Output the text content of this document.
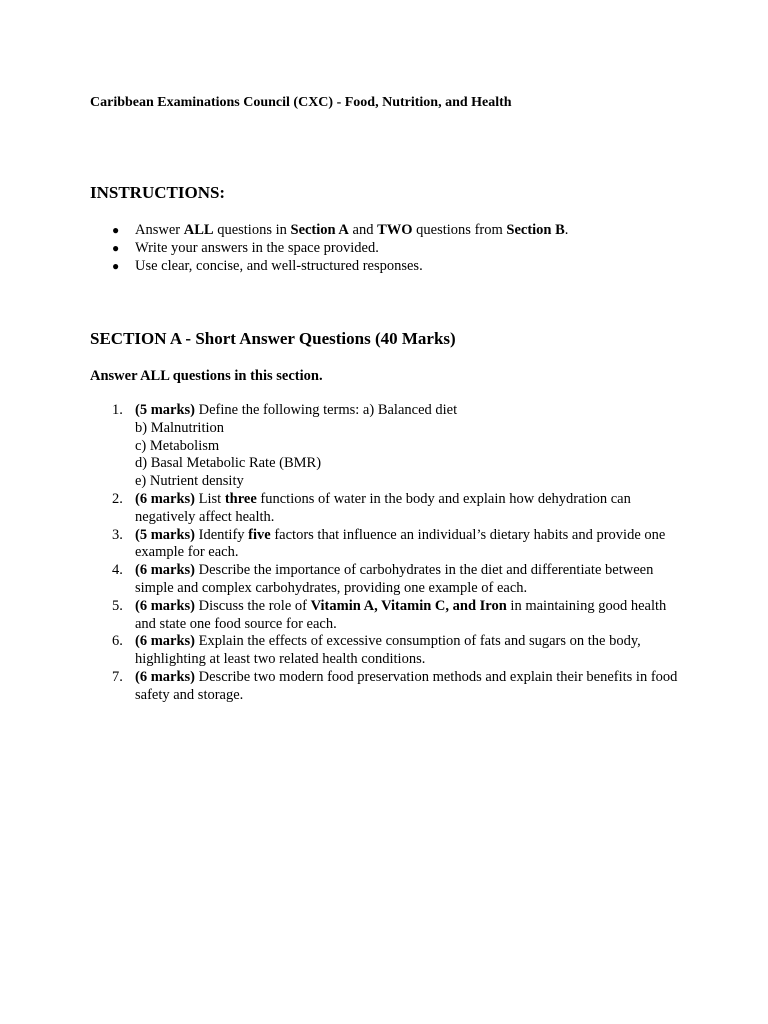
Caribbean Examinations Council (CXC) - Food, Nutrition, and Health
INSTRUCTIONS:
● Answer ALL questions in Section A and TWO questions from Section B.
● Write your answers in the space provided.
● Use clear, concise, and well-structured responses.
SECTION A - Short Answer Questions (40 Marks)
Answer ALL questions in this section.
1. (5 marks) Define the following terms: a) Balanced diet
b) Malnutrition
c) Metabolism
d) Basal Metabolic Rate (BMR)
e) Nutrient density
2. (6 marks) List three functions of water in the body and explain how dehydration can negatively affect health.
3. (5 marks) Identify five factors that influence an individual’s dietary habits and provide one example for each.
4. (6 marks) Describe the importance of carbohydrates in the diet and differentiate between simple and complex carbohydrates, providing one example of each.
5. (6 marks) Discuss the role of Vitamin A, Vitamin C, and Iron in maintaining good health and state one food source for each.
6. (6 marks) Explain the effects of excessive consumption of fats and sugars on the body, highlighting at least two related health conditions.
7. (6 marks) Describe two modern food preservation methods and explain their benefits in food safety and storage.
